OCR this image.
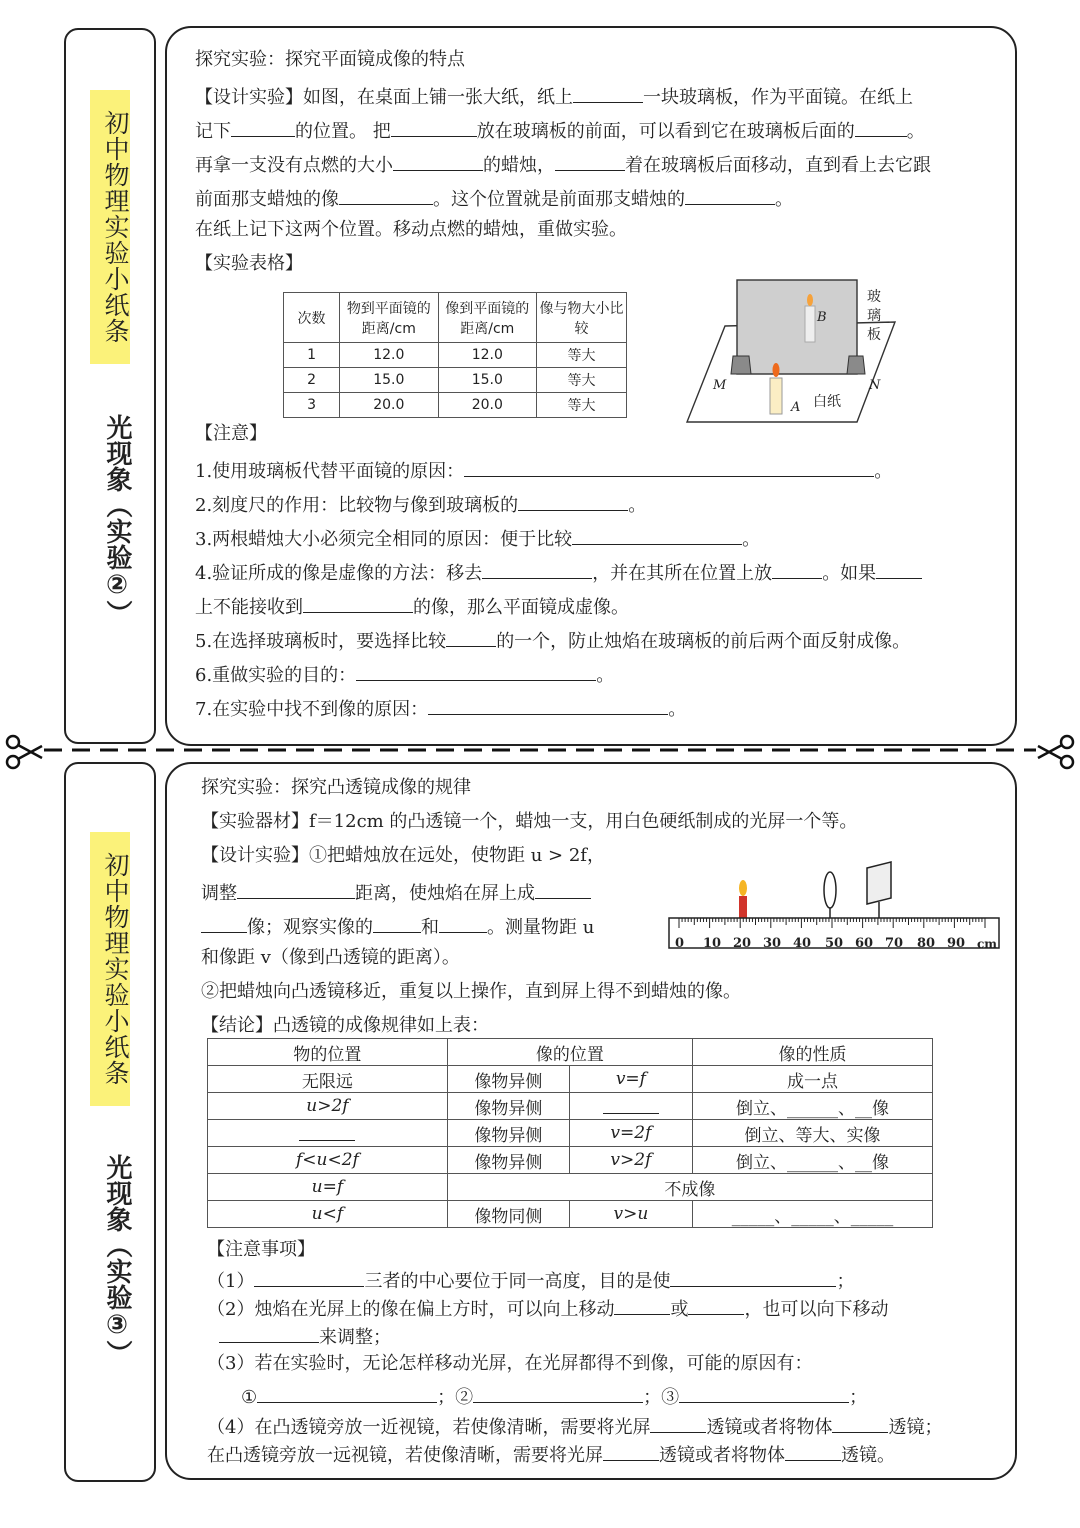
初中物理实验小纸条
光现象（实验②）
探究实验：探究平面镜成像的特点
【设计实验】如图，在桌面上铺一张大纸，纸上	一块玻璃板，作为平面镜。在纸上
记下	的位置。 把	放在玻璃板的前面，可以看到它在玻璃板后面的	。
再拿一支没有点燃的大小	的蜡烛，	着在玻璃板后面移动，直到看上去它跟
前面那支蜡烛的像	。这个位置就是前面那支蜡烛的	。
在纸上记下这两个位置。移动点燃的蜡烛，重做实验。
【实验表格】
次数	物到平面镜的距离/cm	像到平面镜的距离/cm	像与物大小比较
1	12.0	12.0	等大
2	15.0	15.0	等大
3	20.0	20.0	等大
玻璃板
B
A
M	N
白纸
【注意】
1.使用玻璃板代替平面镜的原因：	。
2.刻度尺的作用：比较物与像到玻璃板的	。
3.两根蜡烛大小必须完全相同的原因：便于比较	。
4.验证所成的像是虚像的方法：移去	，并在其所在位置上放	。如果
上不能接收到	的像，那么平面镜成虚像。
5.在选择玻璃板时，要选择比较	的一个，防止烛焰在玻璃板的前后两个面反射成像。
6.重做实验的目的：	。
7.在实验中找不到像的原因：	。
初中物理实验小纸条
光现象（实验③）
探究实验：探究凸透镜成像的规律
【实验器材】f＝12cm 的凸透镜一个，蜡烛一支，用白色硬纸制成的光屏一个等。
【设计实验】①把蜡烛放在远处，使物距 u > 2f，
调整	距离，使烛焰在屏上成
像；观察实像的	和	。测量物距 u
和像距 v（像到凸透镜的距离）。
②把蜡烛向凸透镜移近，重复以上操作，直到屏上得不到蜡烛的像。
0 10 20 30 40 50 60 70 80 90 cm
【结论】凸透镜的成像规律如上表：
物的位置	像的位置		像的性质
无限远	像物异侧	v=f	成一点
u>2f	像物异侧		倒立、______、__像
	像物异侧	v=2f	倒立、等大、实像
f<u<2f	像物异侧	v>2f	倒立、______、__像
u=f	不成像		
u<f	像物同侧	v>u	_____、_____、_____
【注意事项】
（1）	三者的中心要位于同一高度，目的是使	；
（2）烛焰在光屏上的像在偏上方时，可以向上移动	或	，也可以向下移动
来调整；
（3）若在实验时，无论怎样移动光屏，在光屏都得不到像，可能的原因有：
①	；②	；③	；
（4）在凸透镜旁放一近视镜，若使像清晰，需要将光屏	透镜或者将物体	透镜；
在凸透镜旁放一远视镜，若使像清晰，需要将光屏	透镜或者将物体	透镜。
